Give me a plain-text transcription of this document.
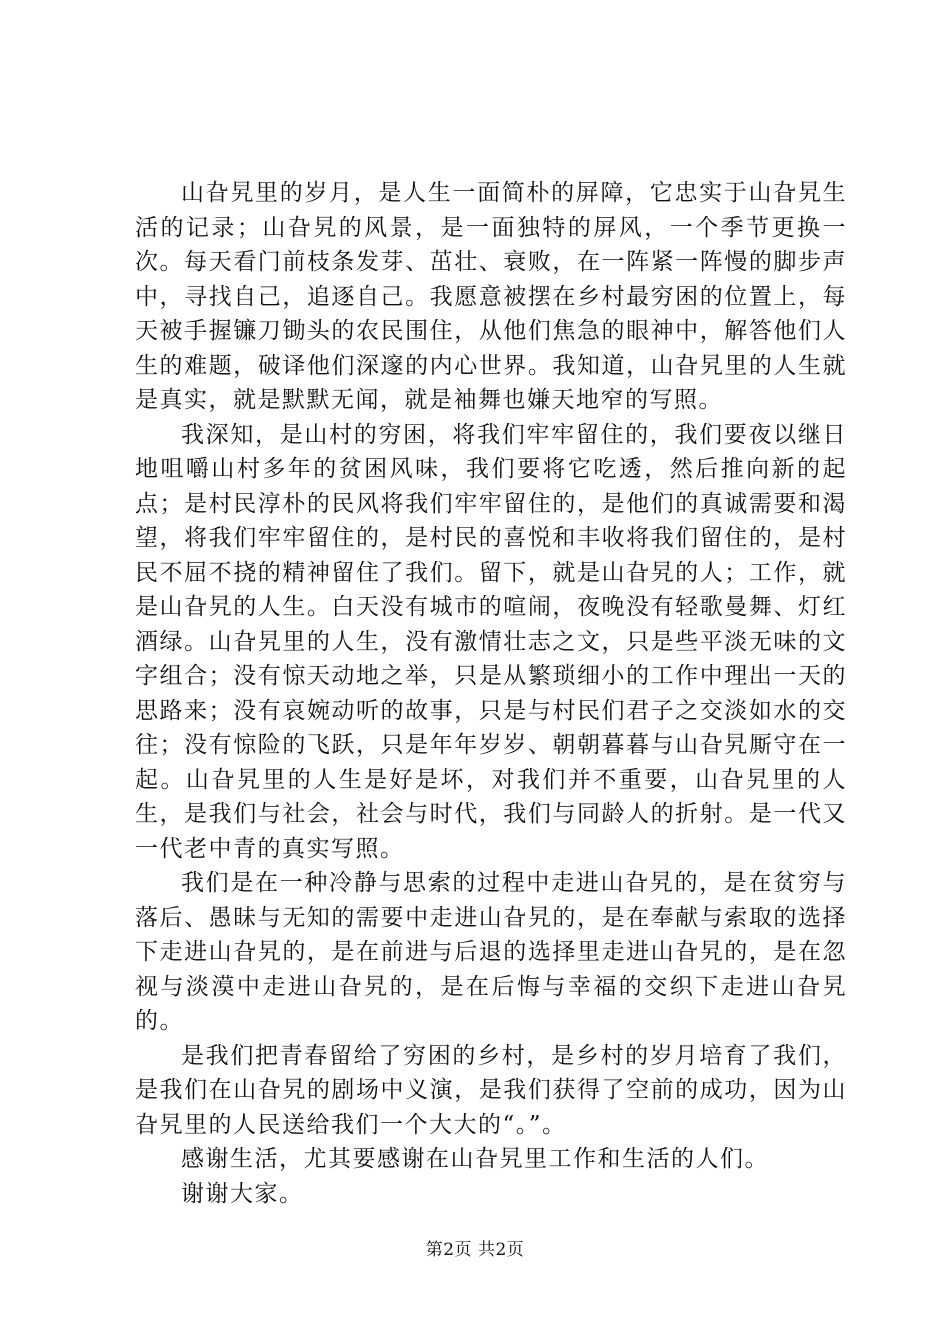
山旮旯里的岁月，是人生一面简朴的屏障，它忠实于山旮旯生活的记录；山旮旯的风景，是一面独特的屏风，一个季节更换一次。每天看门前枝条发芽、茁壮、衰败，在一阵紧一阵慢的脚步声中，寻找自己，追逐自己。我愿意被摆在乡村最穷困的位置上，每天被手握镰刀锄头的农民围住，从他们焦急的眼神中，解答他们人生的难题，破译他们深邃的内心世界。我知道，山旮旯里的人生就是真实，就是默默无闻，就是袖舞也嫌天地窄的写照。

我深知，是山村的穷困，将我们牢牢留住的，我们要夜以继日地咀嚼山村多年的贫困风味，我们要将它吃透，然后推向新的起点；是村民淳朴的民风将我们牢牢留住的，是他们的真诚需要和渴望，将我们牢牢留住的，是村民的喜悦和丰收将我们留住的，是村民不屈不挠的精神留住了我们。留下，就是山旮旯的人；工作，就是山旮旯的人生。白天没有城市的喧闹，夜晚没有轻歌曼舞、灯红酒绿。山旮旯里的人生，没有激情壮志之文，只是些平淡无味的文字组合；没有惊天动地之举，只是从繁琐细小的工作中理出一天的思路来；没有哀婉动听的故事，只是与村民们君子之交淡如水的交往；没有惊险的飞跃，只是年年岁岁、朝朝暮暮与山旮旯厮守在一起。山旮旯里的人生是好是坏，对我们并不重要，山旮旯里的人生，是我们与社会，社会与时代，我们与同龄人的折射。是一代又一代老中青的真实写照。

我们是在一种冷静与思索的过程中走进山旮旯的，是在贫穷与落后、愚昧与无知的需要中走进山旮旯的，是在奉献与索取的选择下走进山旮旯的，是在前进与后退的选择里走进山旮旯的，是在忽视与淡漠中走进山旮旯的，是在后悔与幸福的交织下走进山旮旯的。

是我们把青春留给了穷困的乡村，是乡村的岁月培育了我们，是我们在山旮旯的剧场中义演，是我们获得了空前的成功，因为山旮旯里的人民送给我们一个大大的“。”。

感谢生活，尤其要感谢在山旮旯里工作和生活的人们。

谢谢大家。

第2页 共2页
